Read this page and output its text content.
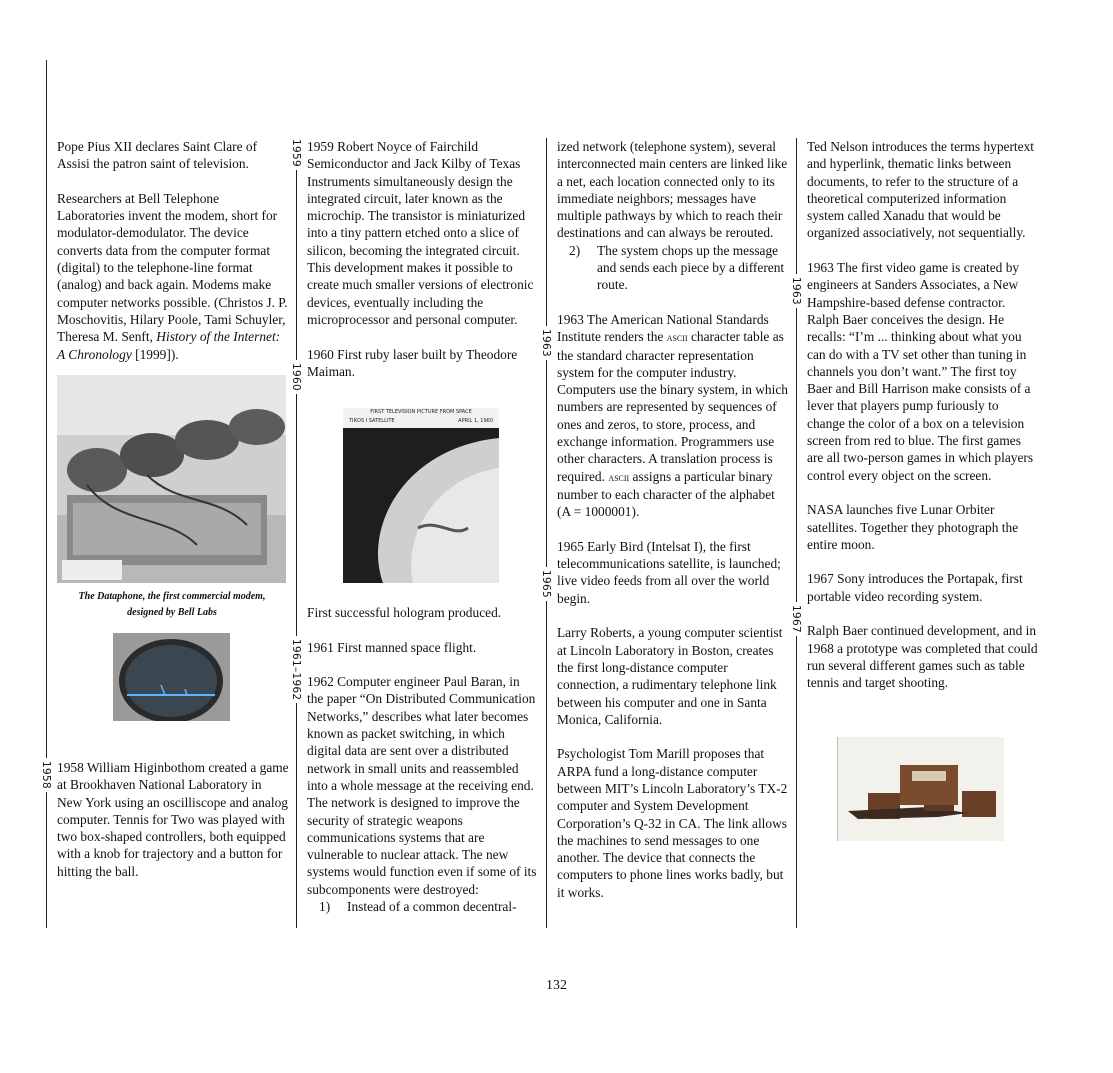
1958
1959
1960
1961–1962
1963
1965
1963
1967

Pope Pius XII declares Saint Clare of Assisi the patron saint of television.

Researchers at Bell Telephone Laboratories invent the modem, short for modulator-demodulator. The device converts data from the computer format (digital) to the telephone-line format (analog) and back again. Modems make computer networks possible. (Christos J. P. Moschovitis, Hilary Poole, Tami Schuyler, Theresa M. Senft, History of the Internet: A Chronology [1999]).

The Dataphone, the first commercial modem, designed by Bell Labs

1958 William Higinbothom created a game at Brookhaven National Laboratory in New York using an oscilliscope and analog computer. Tennis for Two was played with two box-shaped controllers, both equipped with a knob for trajectory and a button for hitting the ball.

1959 Robert Noyce of Fairchild Semiconductor and Jack Kilby of Texas Instruments simultaneously design the integrated circuit, later known as the microchip. The transistor is miniaturized into a tiny pattern etched onto a slice of silicon, becoming the integrated circuit. This development makes it possible to create much smaller versions of electronic devices, eventually including the microprocessor and personal computer.

1960 First ruby laser built by Theodore Maiman.

FIRST TELEVISION PICTURE FROM SPACE
TIROS I SATELLITE	APRIL 1, 1960

First successful hologram produced.

1961 First manned space flight.

1962 Computer engineer Paul Baran, in the paper “On Distributed Communication Networks,” describes what later becomes known as packet switching, in which digital data are sent over a distributed network in small units and reassembled into a whole message at the receiving end. The network is designed to improve the security of strategic weapons communications systems that are vulnerable to nuclear attack. The new systems would function even if some of its subcomponents were destroyed:

1)	Instead of a common decentral-

ized network (telephone system), several interconnected main centers are linked like a net, each location connected only to its immediate neighbors; messages have multiple pathways by which to reach their destinations and can always be rerouted.

2)	The system chops up the message and sends each piece by a different route.

1963 The American National Standards Institute renders the ascii character table as the standard character representation system for the computer industry. Computers use the binary system, in which numbers are represented by sequences of ones and zeros, to store, process, and exchange information. Programmers use other characters. A translation process is required. ascii assigns a particular binary number to each character of the alphabet (A = 1000001).

1965 Early Bird (Intelsat I), the first telecommunications satellite, is launched; live video feeds from all over the world begin.

Larry Roberts, a young computer scientist at Lincoln Laboratory in Boston, creates the first long-distance computer connection, a rudimentary telephone link between his computer and one in Santa Monica, California.

Psychologist Tom Marill proposes that ARPA fund a long-distance computer between MIT’s Lincoln Laboratory’s TX-2 computer and System Development Corporation’s Q-32 in CA. The link allows the machines to send messages to one another. The device that connects the computers to phone lines works badly, but it works.

Ted Nelson introduces the terms hypertext and hyperlink, thematic links between documents, to refer to the structure of a theoretical computerized information system called Xanadu that would be organized associatively, not sequentially.

1963 The first video game is created by engineers at Sanders Associates, a New Hampshire-based defense contractor. Ralph Baer conceives the design. He recalls: “I’m ... thinking about what you can do with a TV set other than tuning in channels you don’t want.” The first toy Baer and Bill Harrison make consists of a lever that players pump furiously to change the color of a box on a television screen from red to blue. The first games are all two-person games in which players control every object on the screen.

NASA launches five Lunar Orbiter satellites. Together they photograph the entire moon.

1967 Sony introduces the Portapak, first portable video recording system.

Ralph Baer continued development, and in 1968 a prototype was completed that could run several different games such as table tennis and target shooting.

132
